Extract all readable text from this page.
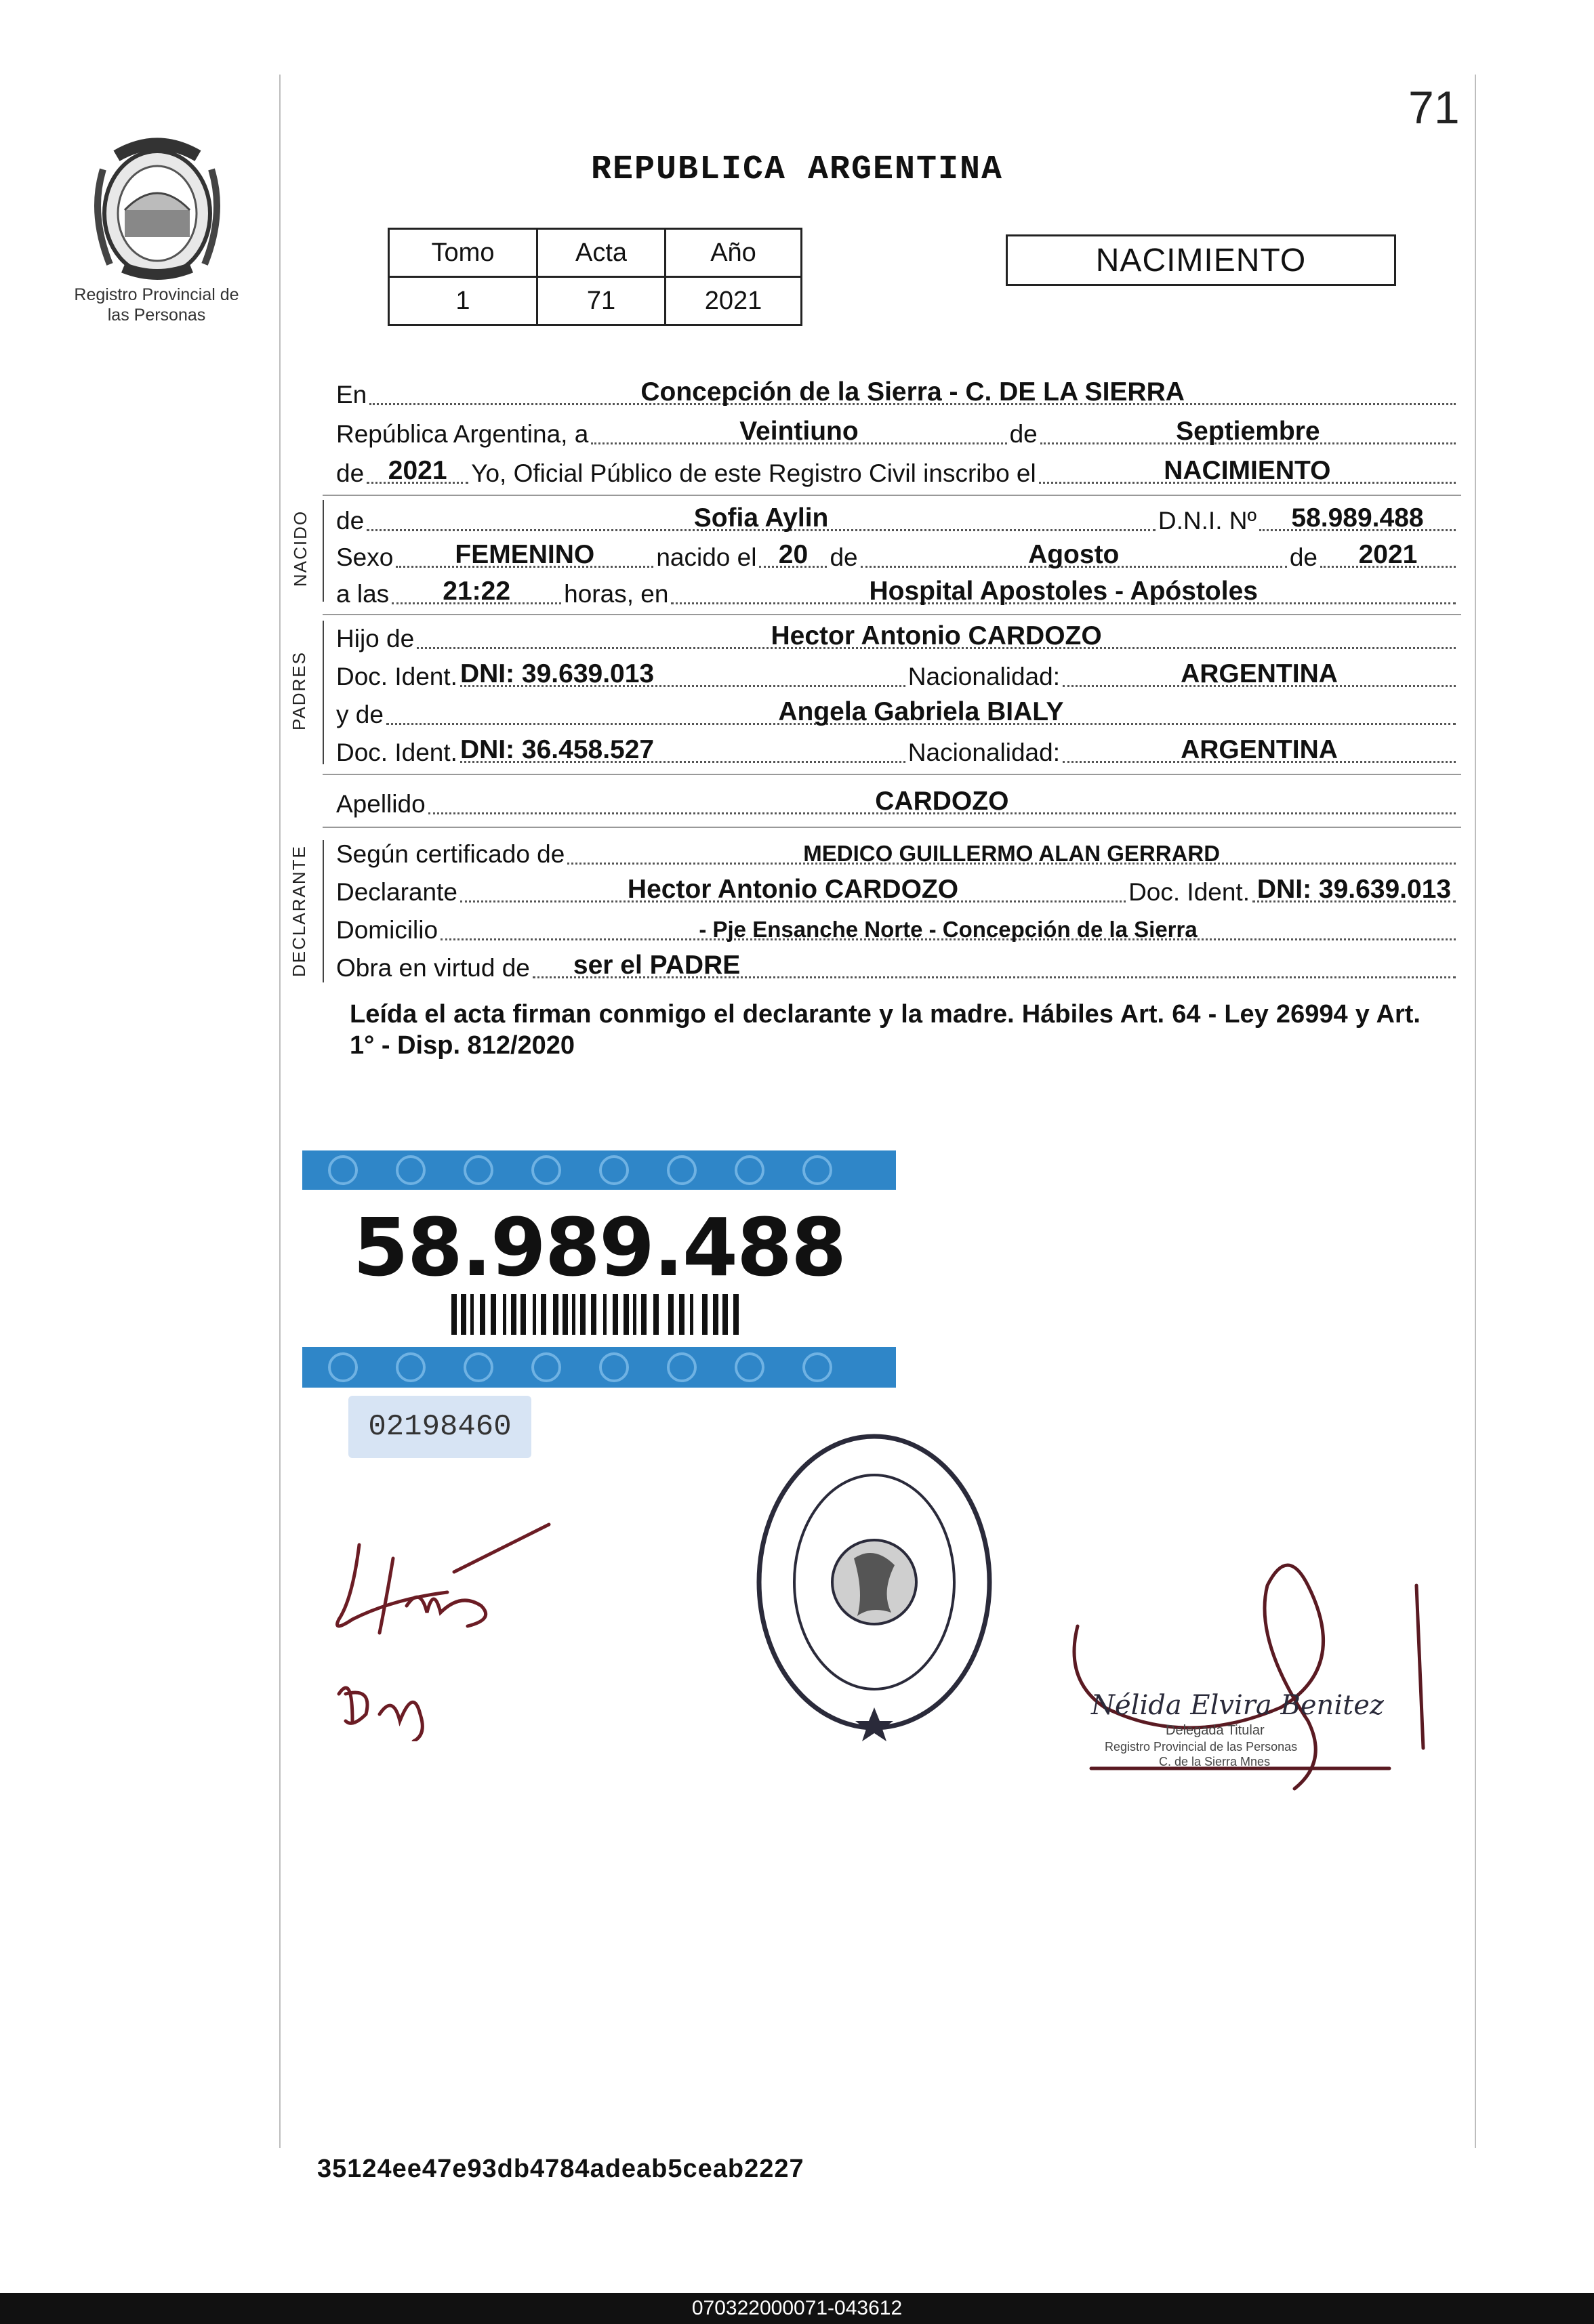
71
Registro Provincial de las Personas
REPUBLICA ARGENTINA
Tomo	Acta	Año
1	71	2021
NACIMIENTO
En	Concepción de la Sierra - C. DE LA SIERRA
República Argentina, a	Veintiuno	de	Septiembre
de 2021 Yo, Oficial Público de este Registro Civil inscribo el	NACIMIENTO
NACIDO de	Sofia Aylin	D.N.I. Nº	58.989.488
Sexo	FEMENINO	nacido el 20 de	Agosto	de	2021
a las	21:22	horas, en	Hospital Apostoles - Apóstoles
PADRES
Hijo de	Hector Antonio CARDOZO
Doc. Ident. DNI: 39.639.013	Nacionalidad:	ARGENTINA
y de	Angela Gabriela BIALY
Doc. Ident. DNI: 36.458.527	Nacionalidad:	ARGENTINA
Apellido	CARDOZO
DECLARANTE Según certificado de	MEDICO GUILLERMO ALAN GERRARD
Declarante	Hector Antonio CARDOZO	Doc. Ident. DNI: 39.639.013
Domicilio	- Pje Ensanche Norte - Concepción de la Sierra
Obra en virtud de	ser el PADRE
Leída el acta firman conmigo el declarante y la madre. Hábiles Art. 64 - Ley 26994 y Art. 1° - Disp. 812/2020
58.989.488
02198460
Nélida Elvira Benitez
Delegada Titular
Registro Provincial de las Personas
C. de la Sierra Mnes
35124ee47e93db4784adeab5ceab2227
070322000071-043612
